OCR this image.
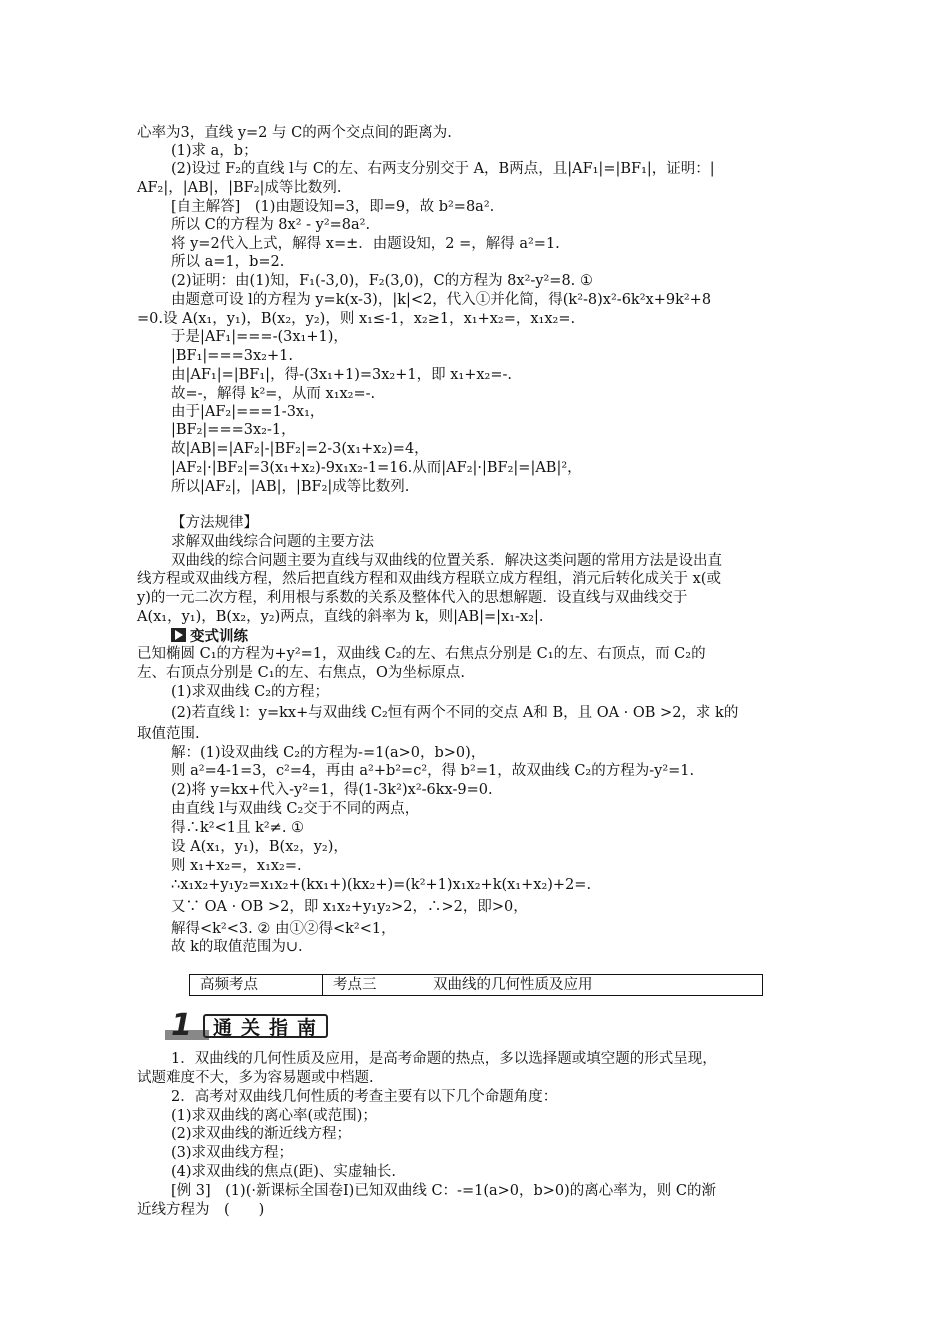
心率为3，直线 y=2 与 C的两个交点间的距离为.
(1)求 a，b；
(2)设过 F₂的直线 l与 C的左、右两支分别交于 A，B两点，且|AF₁|=|BF₁|，证明：|
AF₂|，|AB|，|BF₂|成等比数列.
[自主解答]　(1)由题设知=3，即=9，故 b²=8a².
所以 C的方程为 8x² - y²=8a².
将 y=2代入上式，解得 x=±．由题设知，2 =，解得 a²=1.
所以 a=1，b=2.
(2)证明：由(1)知，F₁(-3,0)，F₂(3,0)，C的方程为 8x²-y²=8. ①
由题意可设 l的方程为 y=k(x-3)，|k|<2，代入①并化简，得(k²-8)x²-6k²x+9k²+8
=0.设 A(x₁，y₁)，B(x₂，y₂)，则 x₁≤-1，x₂≥1，x₁+x₂=，x₁x₂=.
于是|AF₁|===-(3x₁+1)，
|BF₁|===3x₂+1.
由|AF₁|=|BF₁|，得-(3x₁+1)=3x₂+1，即 x₁+x₂=-.
故=-，解得 k²=，从而 x₁x₂=-.
由于|AF₂|===1-3x₁，
|BF₂|===3x₂-1，
故|AB|=|AF₂|-|BF₂|=2-3(x₁+x₂)=4，
|AF₂|·|BF₂|=3(x₁+x₂)-9x₁x₂-1=16.从而|AF₂|·|BF₂|=|AB|²，
所以|AF₂|，|AB|，|BF₂|成等比数列.
【方法规律】
求解双曲线综合问题的主要方法
双曲线的综合问题主要为直线与双曲线的位置关系．解决这类问题的常用方法是设出直
线方程或双曲线方程，然后把直线方程和双曲线方程联立成方程组，消元后转化成关于 x(或
y)的一元二次方程，利用根与系数的关系及整体代入的思想解题．设直线与双曲线交于
A(x₁，y₁)，B(x₂，y₂)两点，直线的斜率为 k，则|AB|=|x₁-x₂|.
变式训练
已知椭圆 C₁的方程为+y²=1，双曲线 C₂的左、右焦点分别是 C₁的左、右顶点，而 C₂的
左、右顶点分别是 C₁的左、右焦点，O为坐标原点.
(1)求双曲线 C₂的方程；
(2)若直线 l：y=kx+与双曲线 C₂恒有两个不同的交点 A和 B，且 OA · OB >2，求 k的
取值范围.
解：(1)设双曲线 C₂的方程为-=1(a>0，b>0)，
则 a²=4-1=3，c²=4，再由 a²+b²=c²，得 b²=1，故双曲线 C₂的方程为-y²=1.
(2)将 y=kx+代入-y²=1，得(1-3k²)x²-6kx-9=0.
由直线 l与双曲线 C₂交于不同的两点，
得∴k²<1且 k²≠. ①
设 A(x₁，y₁)，B(x₂，y₂)，
则 x₁+x₂=，x₁x₂=.
∴x₁x₂+y₁y₂=x₁x₂+(kx₁+)(kx₂+)=(k²+1)x₁x₂+k(x₁+x₂)+2=.
又∵ OA · OB >2，即 x₁x₂+y₁y₂>2，∴>2，即>0，
解得<k²<3. ② 由①②得<k²<1，
故 k的取值范围为∪.
高频考点	考点三	双曲线的几何性质及应用
1	通关指南
1．双曲线的几何性质及应用，是高考命题的热点，多以选择题或填空题的形式呈现，
试题难度不大，多为容易题或中档题.
2．高考对双曲线几何性质的考查主要有以下几个命题角度：
(1)求双曲线的离心率(或范围)；
(2)求双曲线的渐近线方程；
(3)求双曲线方程；
(4)求双曲线的焦点(距)、实虚轴长.
[例 3]　(1)(·新课标全国卷Ⅰ)已知双曲线 C：-=1(a>0，b>0)的离心率为，则 C的渐
近线方程为　(　　)
